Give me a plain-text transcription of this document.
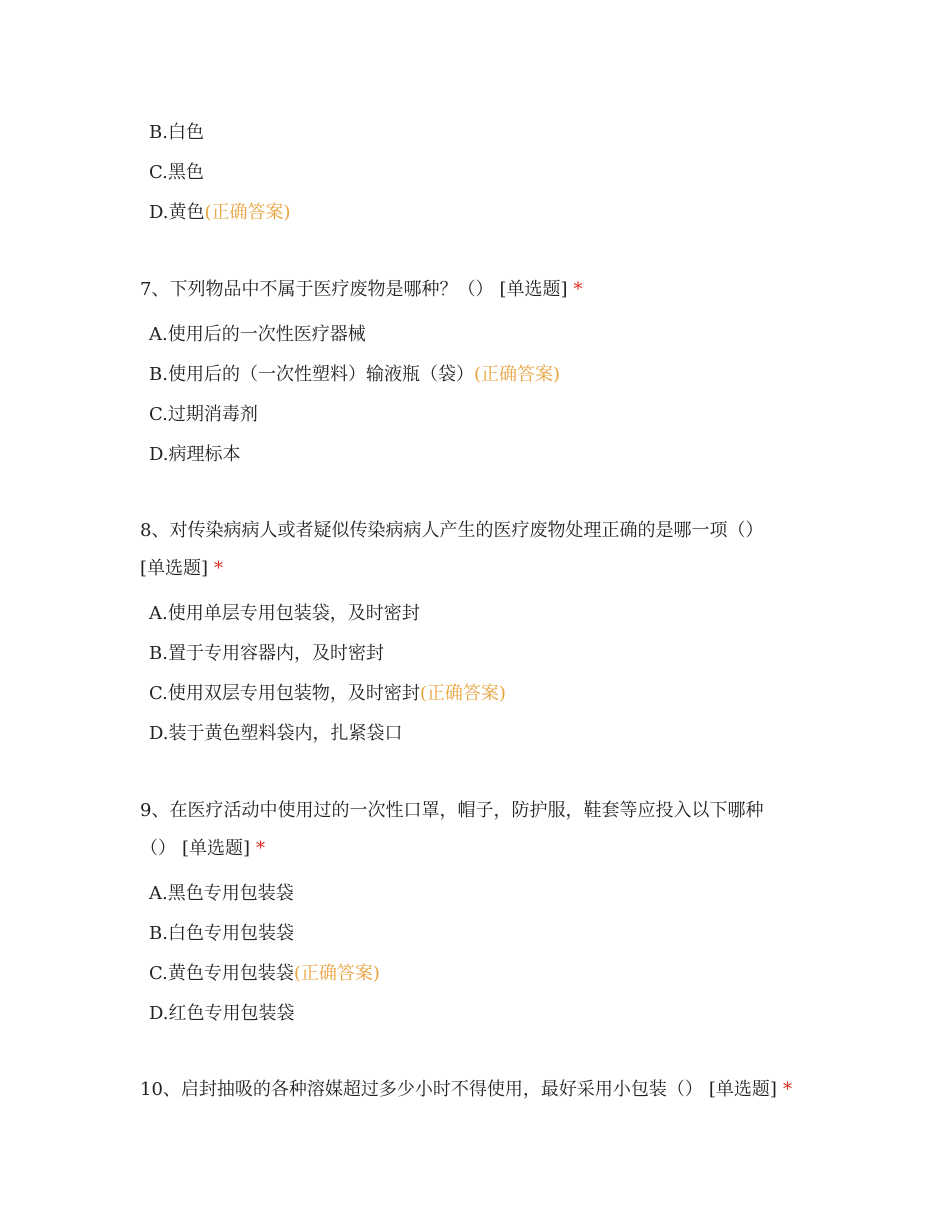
B.白色
C.黑色
D.黄色(正确答案)
7、下列物品中不属于医疗废物是哪种？（） [单选题] *
A.使用后的一次性医疗器械
B.使用后的（一次性塑料）输液瓶（袋）(正确答案)
C.过期消毒剂
D.病理标本
8、对传染病病人或者疑似传染病病人产生的医疗废物处理正确的是哪一项（）
[单选题] *
A.使用单层专用包装袋，及时密封
B.置于专用容器内，及时密封
C.使用双层专用包装物，及时密封(正确答案)
D.装于黄色塑料袋内，扎紧袋口
9、在医疗活动中使用过的一次性口罩，帽子，防护服，鞋套等应投入以下哪种
（） [单选题] *
A.黑色专用包装袋
B.白色专用包装袋
C.黄色专用包装袋(正确答案)
D.红色专用包装袋
10、启封抽吸的各种溶媒超过多少小时不得使用，最好采用小包装（） [单选题] *
